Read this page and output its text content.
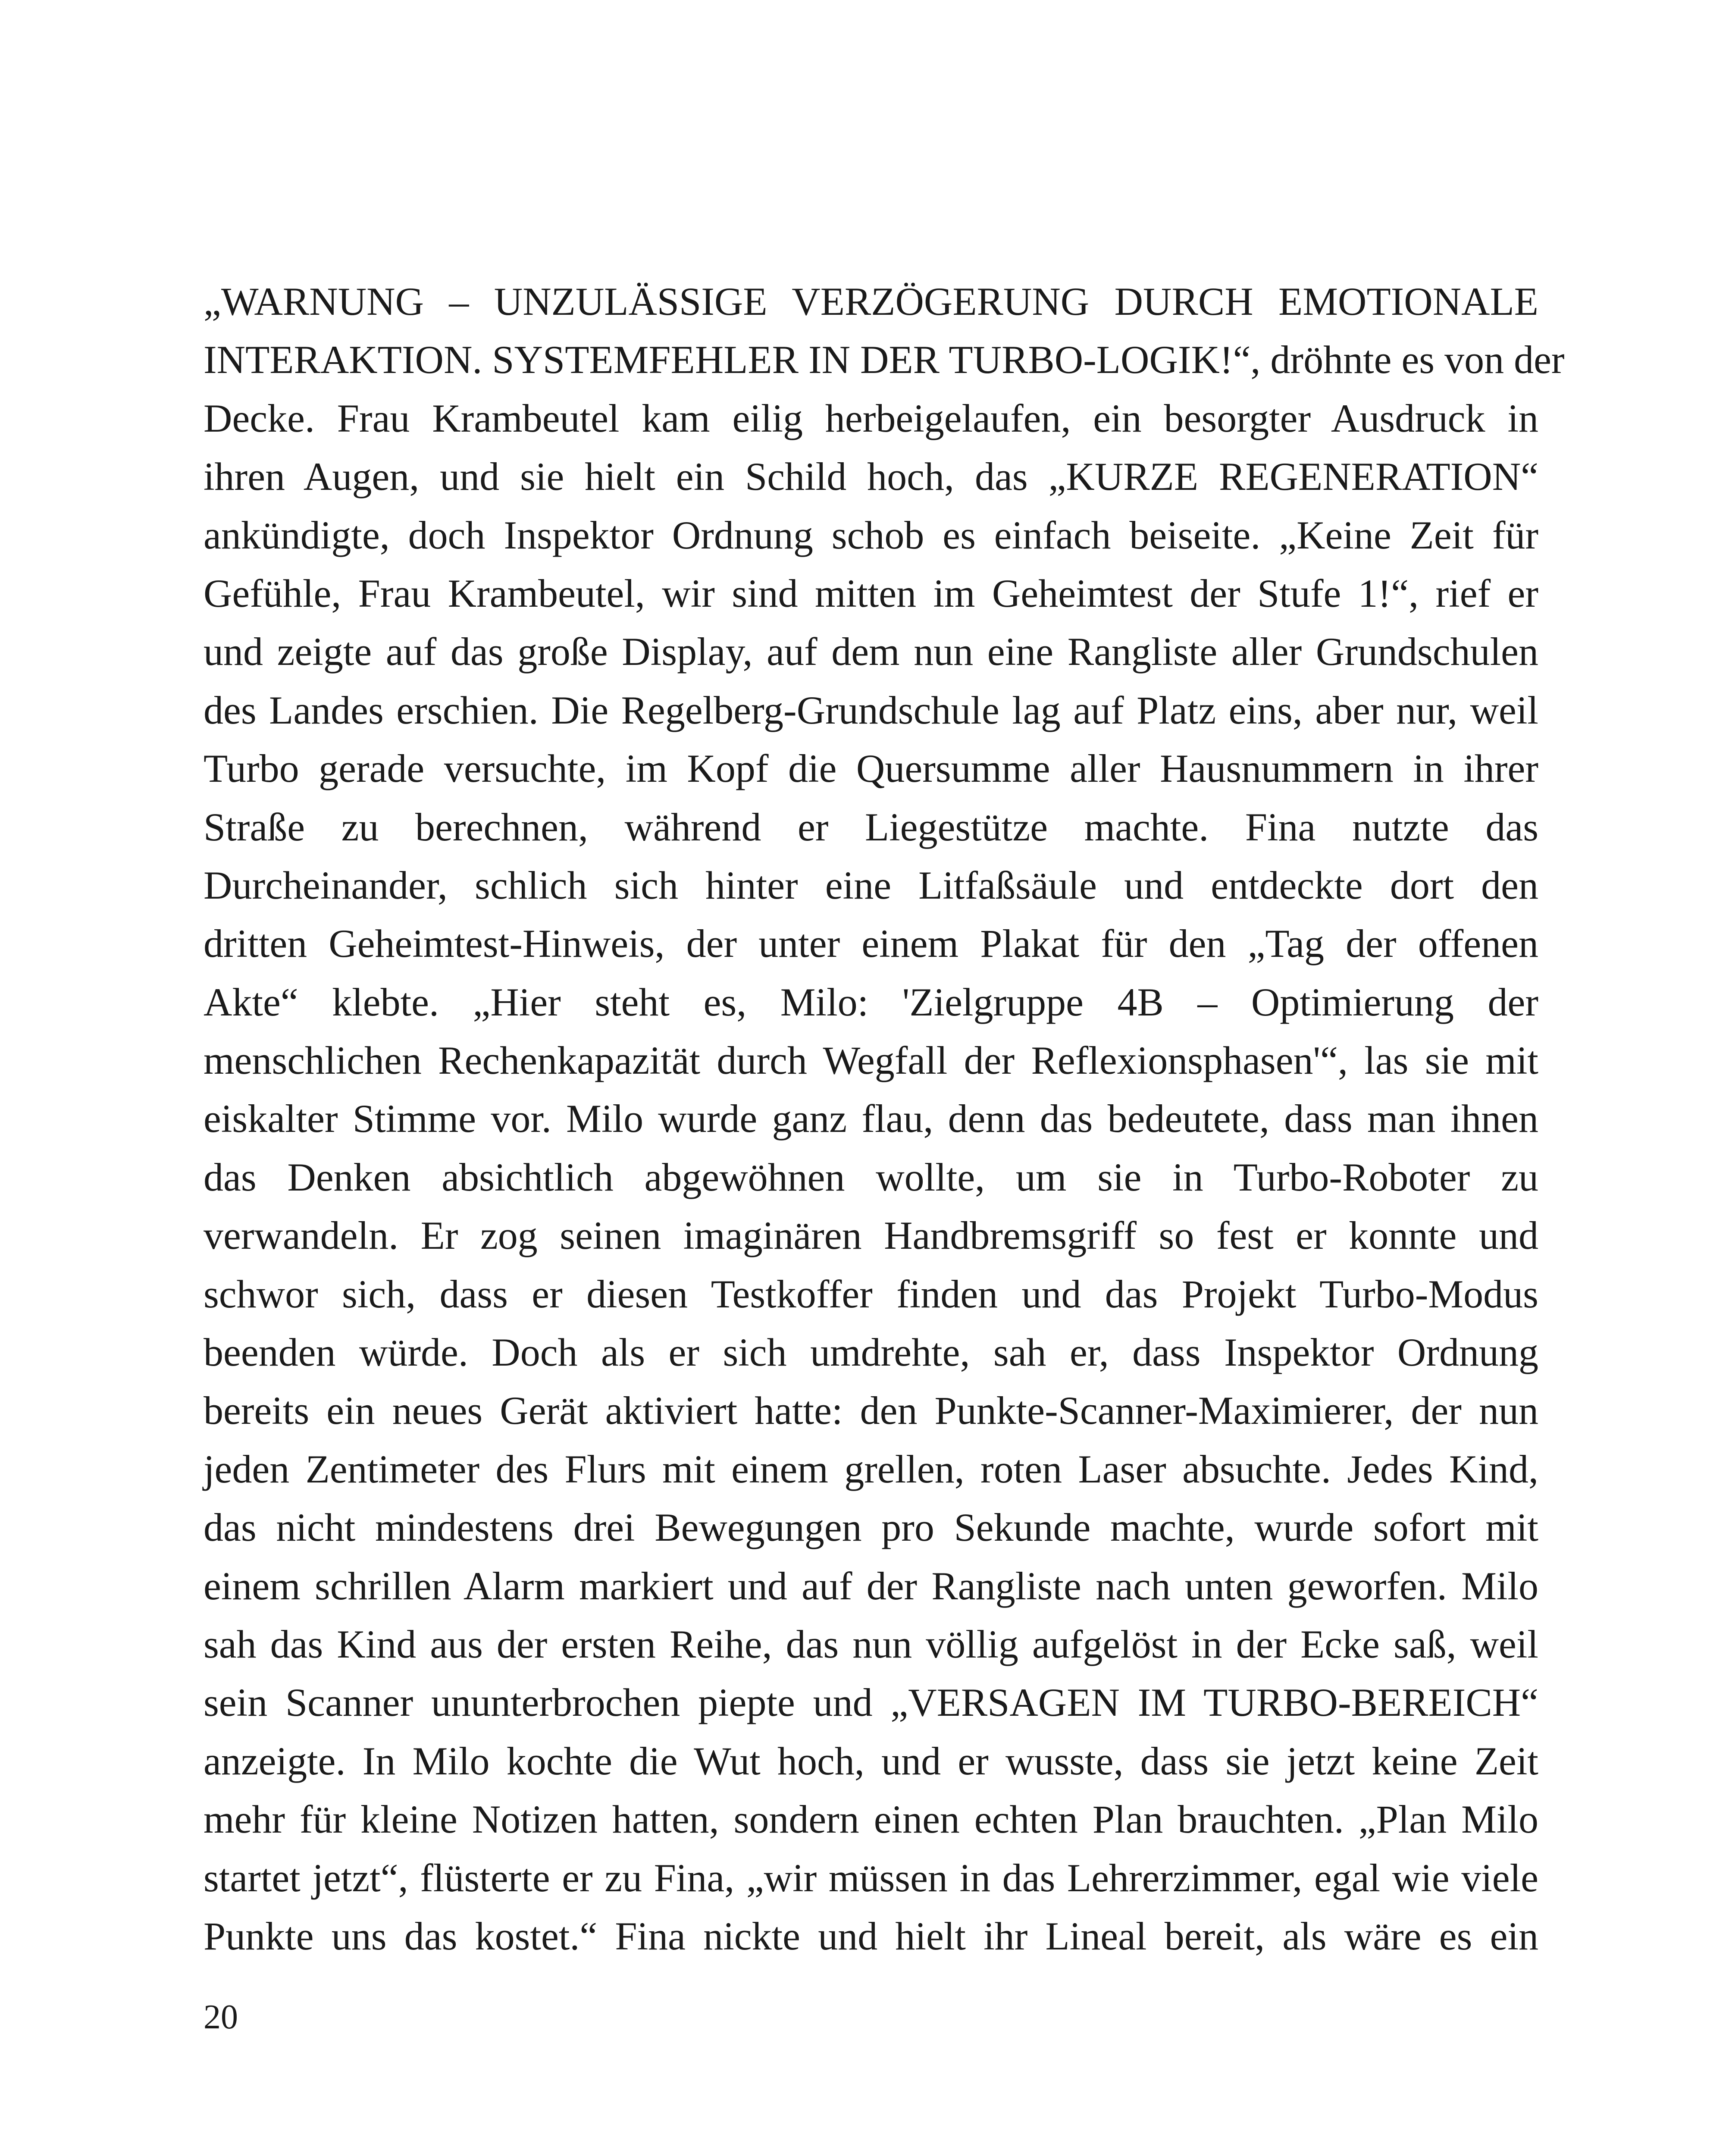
„WARNUNG – UNZULÄSSIGE VERZÖGERUNG DURCH EMOTIONALE
INTERAKTION. SYSTEMFEHLER IN DER TURBO-LOGIK!“, dröhnte es von der
Decke. Frau Krambeutel kam eilig herbeigelaufen, ein besorgter Ausdruck in
ihren Augen, und sie hielt ein Schild hoch, das „KURZE REGENERATION“
ankündigte, doch Inspektor Ordnung schob es einfach beiseite. „Keine Zeit für
Gefühle, Frau Krambeutel, wir sind mitten im Geheimtest der Stufe 1!“, rief er
und zeigte auf das große Display, auf dem nun eine Rangliste aller Grundschulen
des Landes erschien. Die Regelberg-Grundschule lag auf Platz eins, aber nur, weil
Turbo gerade versuchte, im Kopf die Quersumme aller Hausnummern in ihrer
Straße zu berechnen, während er Liegestütze machte. Fina nutzte das
Durcheinander, schlich sich hinter eine Litfaßsäule und entdeckte dort den
dritten Geheimtest-Hinweis, der unter einem Plakat für den „Tag der offenen
Akte“ klebte. „Hier steht es, Milo: 'Zielgruppe 4B – Optimierung der
menschlichen Rechenkapazität durch Wegfall der Reflexionsphasen'“, las sie mit
eiskalter Stimme vor. Milo wurde ganz flau, denn das bedeutete, dass man ihnen
das Denken absichtlich abgewöhnen wollte, um sie in Turbo-Roboter zu
verwandeln. Er zog seinen imaginären Handbremsgriff so fest er konnte und
schwor sich, dass er diesen Testkoffer finden und das Projekt Turbo-Modus
beenden würde. Doch als er sich umdrehte, sah er, dass Inspektor Ordnung
bereits ein neues Gerät aktiviert hatte: den Punkte-Scanner-Maximierer, der nun
jeden Zentimeter des Flurs mit einem grellen, roten Laser absuchte. Jedes Kind,
das nicht mindestens drei Bewegungen pro Sekunde machte, wurde sofort mit
einem schrillen Alarm markiert und auf der Rangliste nach unten geworfen. Milo
sah das Kind aus der ersten Reihe, das nun völlig aufgelöst in der Ecke saß, weil
sein Scanner ununterbrochen piepte und „VERSAGEN IM TURBO-BEREICH“
anzeigte. In Milo kochte die Wut hoch, und er wusste, dass sie jetzt keine Zeit
mehr für kleine Notizen hatten, sondern einen echten Plan brauchten. „Plan Milo
startet jetzt“, flüsterte er zu Fina, „wir müssen in das Lehrerzimmer, egal wie viele
Punkte uns das kostet.“ Fina nickte und hielt ihr Lineal bereit, als wäre es ein
20
